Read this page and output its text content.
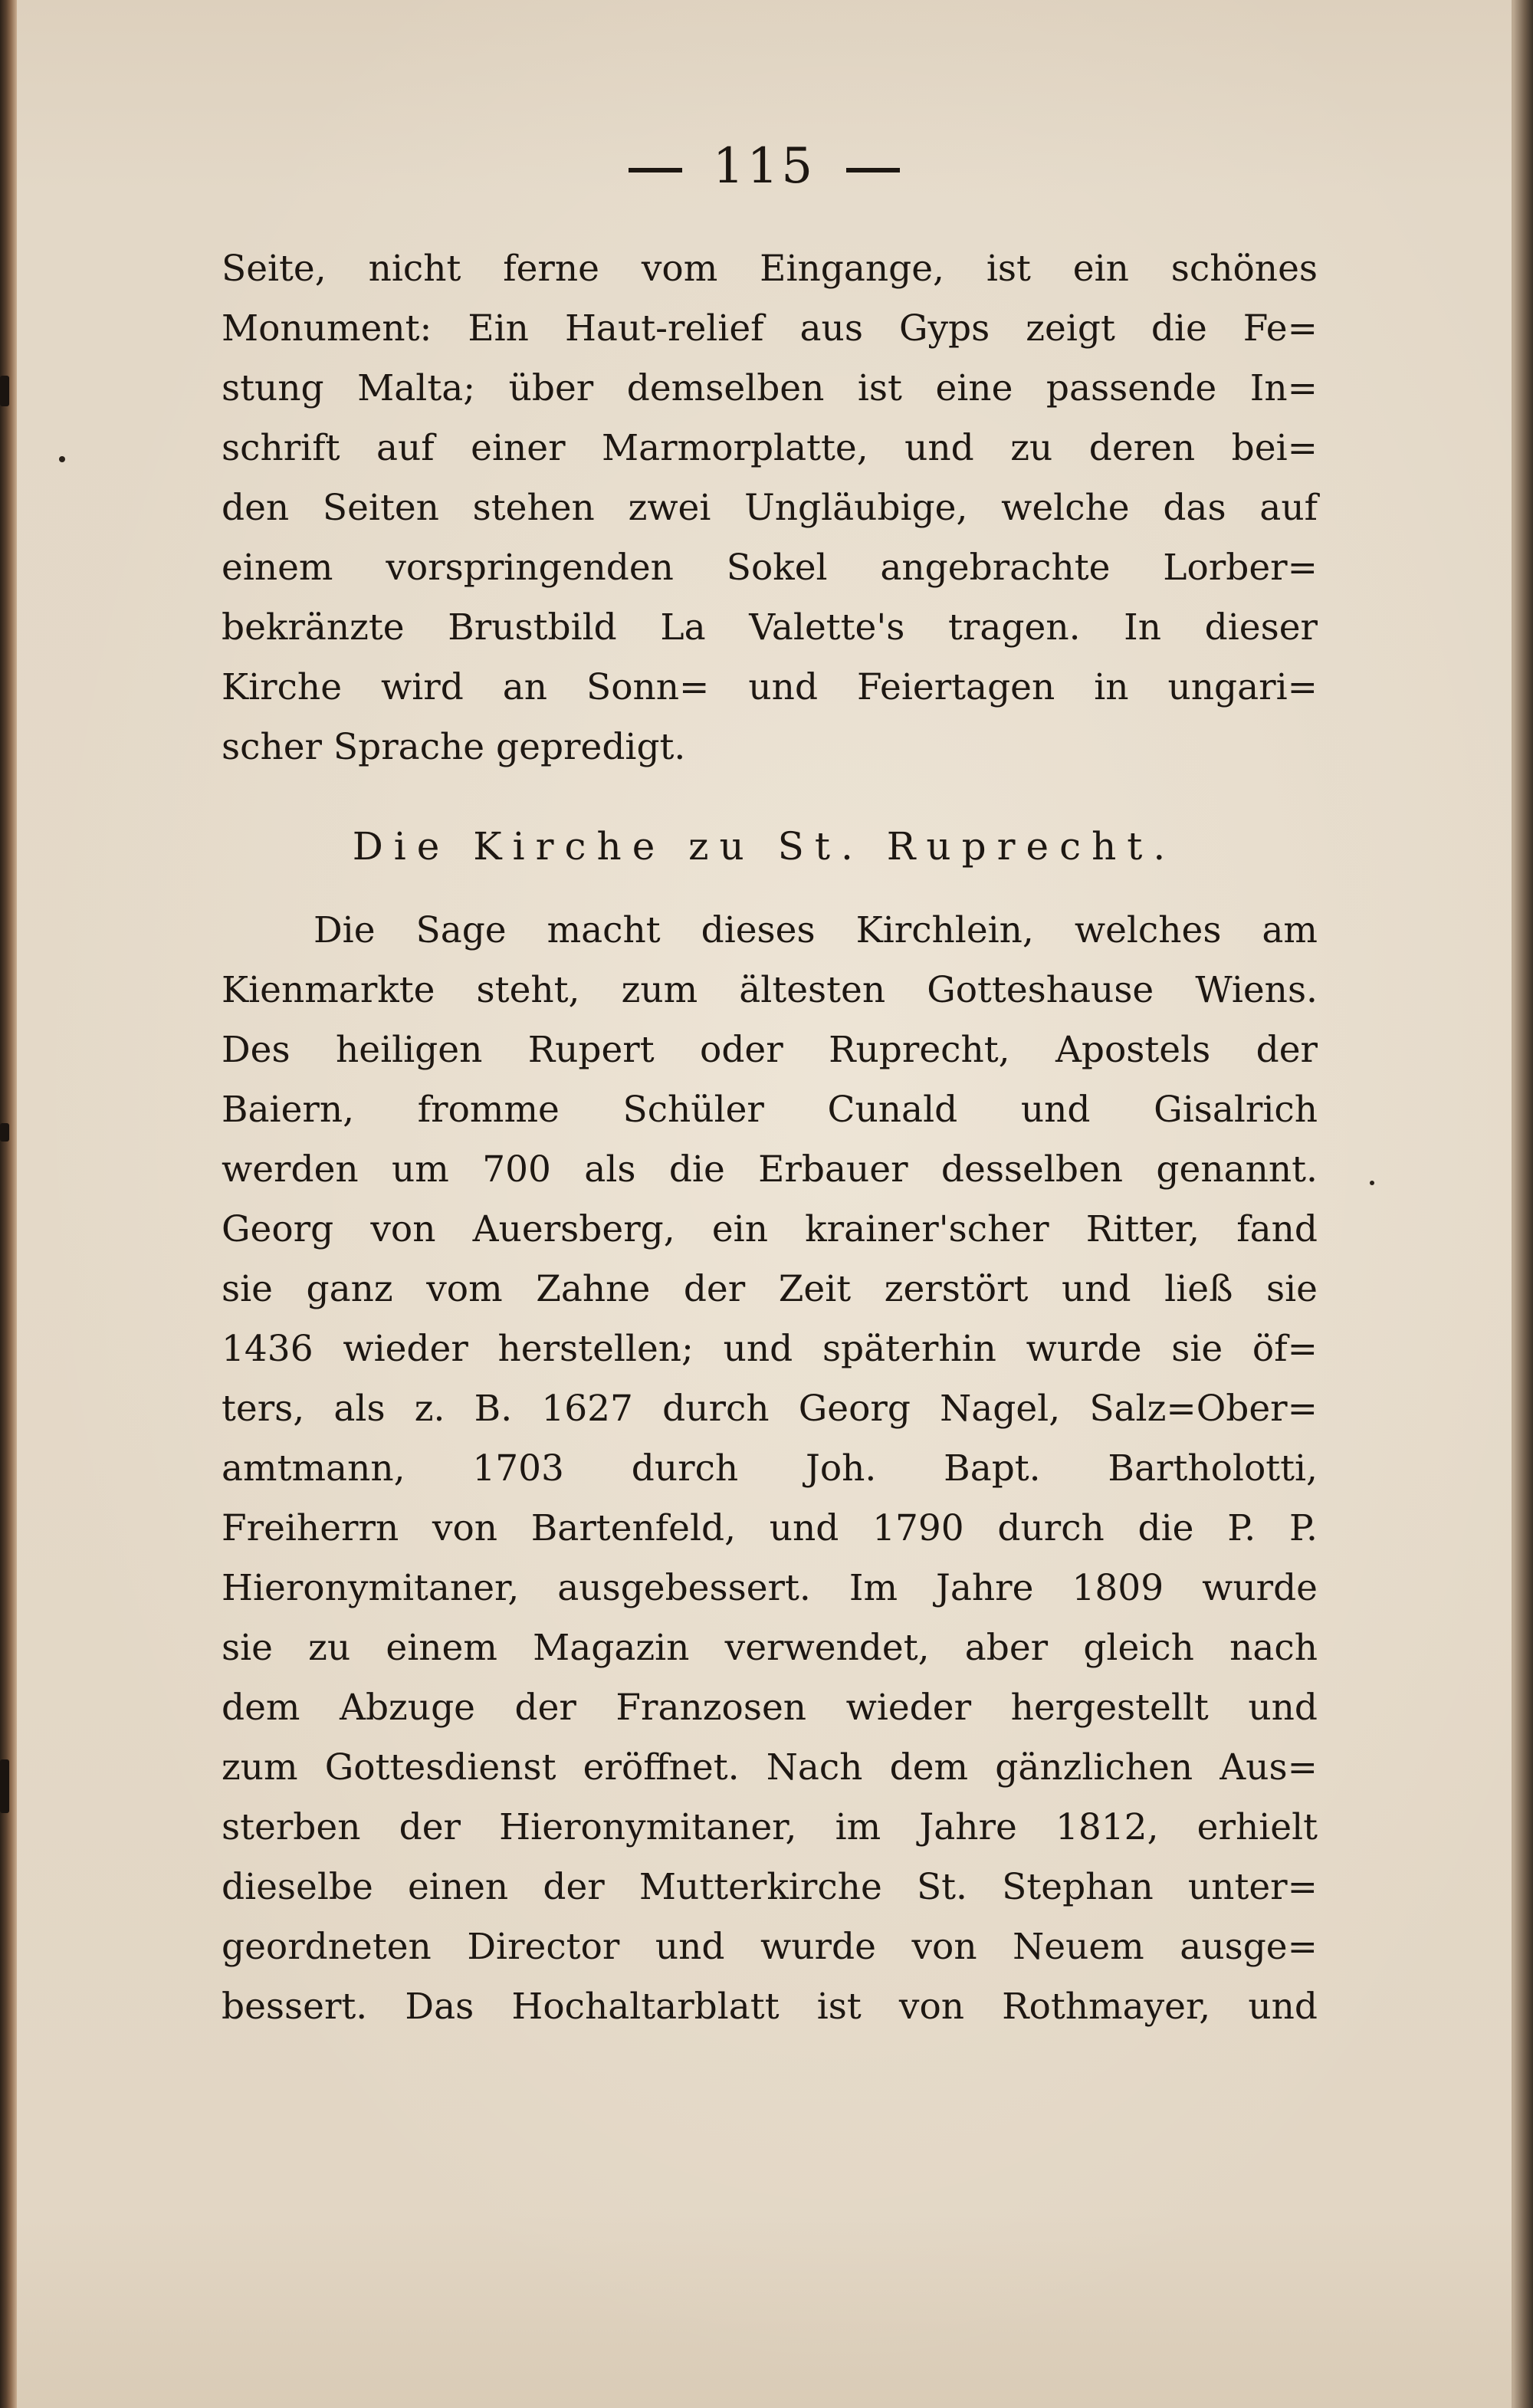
115
Seite, nicht ferne vom Eingange, ist ein schönes
Monument: Ein Haut-relief aus Gyps zeigt die Fe=
stung Malta; über demselben ist eine passende In=
schrift auf einer Marmorplatte, und zu deren bei=
den Seiten stehen zwei Ungläubige, welche das auf
einem vorspringenden Sokel angebrachte Lorber=
bekränzte Brustbild La Valette's tragen. In dieser
Kirche wird an Sonn= und Feiertagen in ungari=
scher Sprache gepredigt.
Die Kirche zu St. Ruprecht.
Die Sage macht dieses Kirchlein, welches am
Kienmarkte steht, zum ältesten Gotteshause Wiens.
Des heiligen Rupert oder Ruprecht, Apostels der
Baiern, fromme Schüler Cunald und Gisalrich
werden um 700 als die Erbauer desselben genannt.
Georg von Auersberg, ein krainer'scher Ritter, fand
sie ganz vom Zahne der Zeit zerstört und ließ sie
1436 wieder herstellen; und späterhin wurde sie öf=
ters, als z. B. 1627 durch Georg Nagel, Salz=Ober=
amtmann, 1703 durch Joh. Bapt. Bartholotti,
Freiherrn von Bartenfeld, und 1790 durch die P. P.
Hieronymitaner, ausgebessert. Im Jahre 1809 wurde
sie zu einem Magazin verwendet, aber gleich nach
dem Abzuge der Franzosen wieder hergestellt und
zum Gottesdienst eröffnet. Nach dem gänzlichen Aus=
sterben der Hieronymitaner, im Jahre 1812, erhielt
dieselbe einen der Mutterkirche St. Stephan unter=
geordneten Director und wurde von Neuem ausge=
bessert. Das Hochaltarblatt ist von Rothmayer, und
